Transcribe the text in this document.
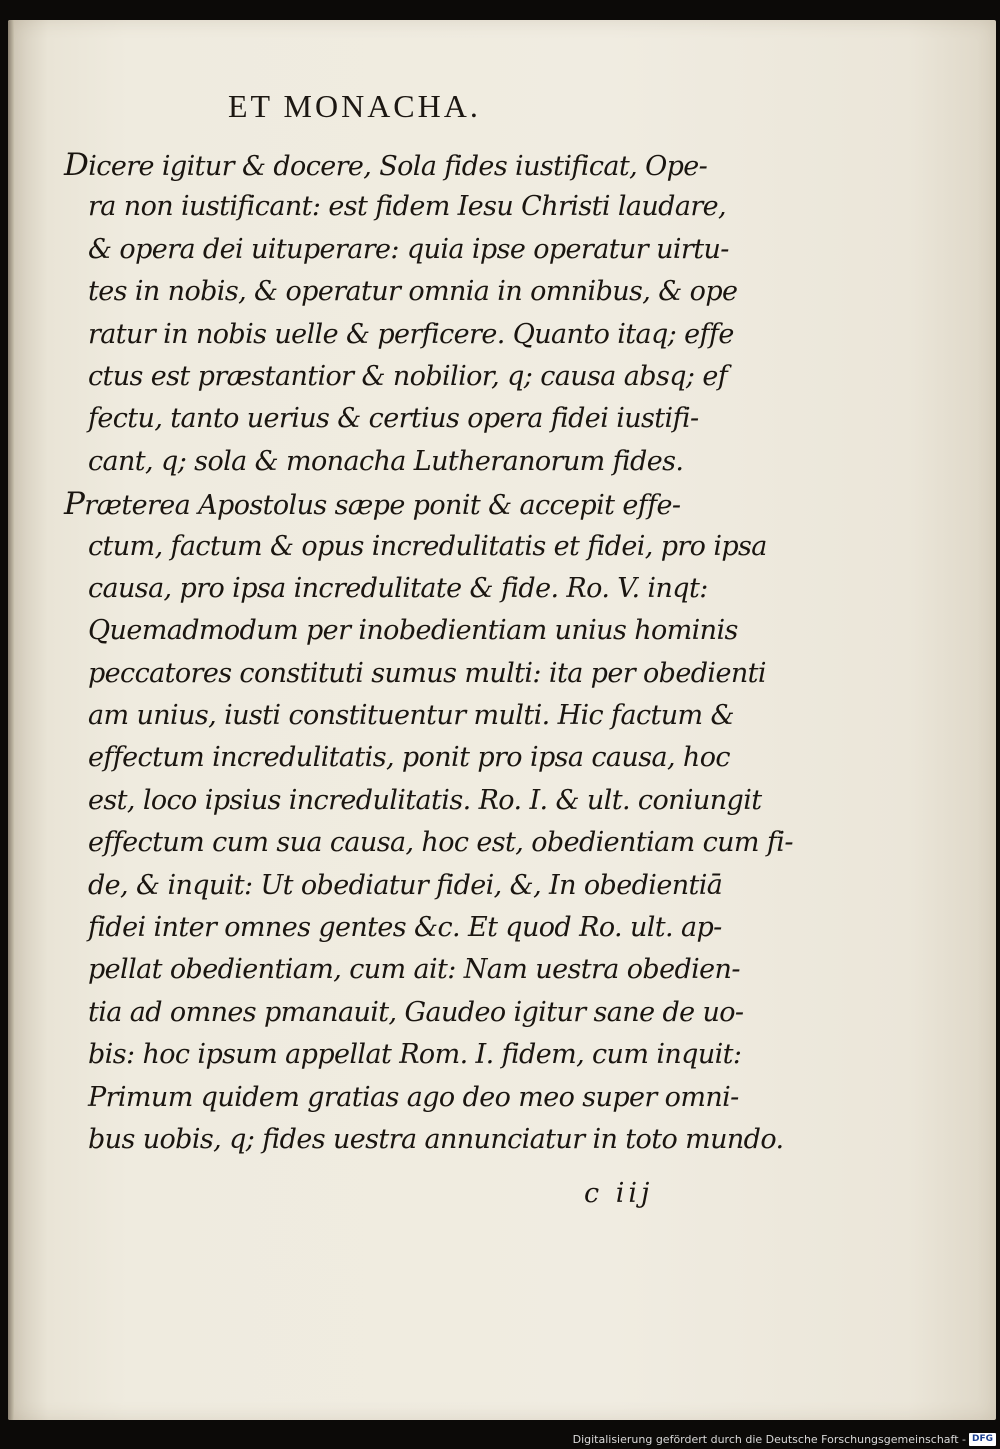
ET MONACHA.
Dicere igitur & docere, Sola fides iustificat, Ope-
ra non iustificant: est fidem Iesu Christi laudare,
& opera dei uituperare: quia ipse operatur uirtu-
tes in nobis, & operatur omnia in omnibus, & ope
ratur in nobis uelle & perficere. Quanto itaq; effe
ctus est præstantior & nobilior, q; causa absq; ef
fectu, tanto uerius & certius opera fidei iustifi-
cant, q; sola & monacha Lutheranorum fides.
Præterea Apostolus sæpe ponit & accepit effe-
ctum, factum & opus incredulitatis et fidei, pro ipsa
causa, pro ipsa incredulitate & fide. Ro. V. inqt:
Quemadmodum per inobedientiam unius hominis
peccatores constituti sumus multi: ita per obedienti
am unius, iusti constituentur multi. Hic factum &
effectum incredulitatis, ponit pro ipsa causa, hoc
est, loco ipsius incredulitatis. Ro. I. & ult. coniungit
effectum cum sua causa, hoc est, obedientiam cum fi-
de, & inquit: Ut obediatur fidei, &, In obedientiā
fidei inter omnes gentes &c. Et quod Ro. ult. ap-
pellat obedientiam, cum ait: Nam uestra obedien-
tia ad omnes pmanauit, Gaudeo igitur sane de uo-
bis: hoc ipsum appellat Rom. I. fidem, cum inquit:
Primum quidem gratias ago deo meo super omni-
bus uobis, q; fides uestra annunciatur in toto mundo.
c iij
Digitalisierung gefördert durch die Deutsche Forschungsgemeinschaft - DFG
